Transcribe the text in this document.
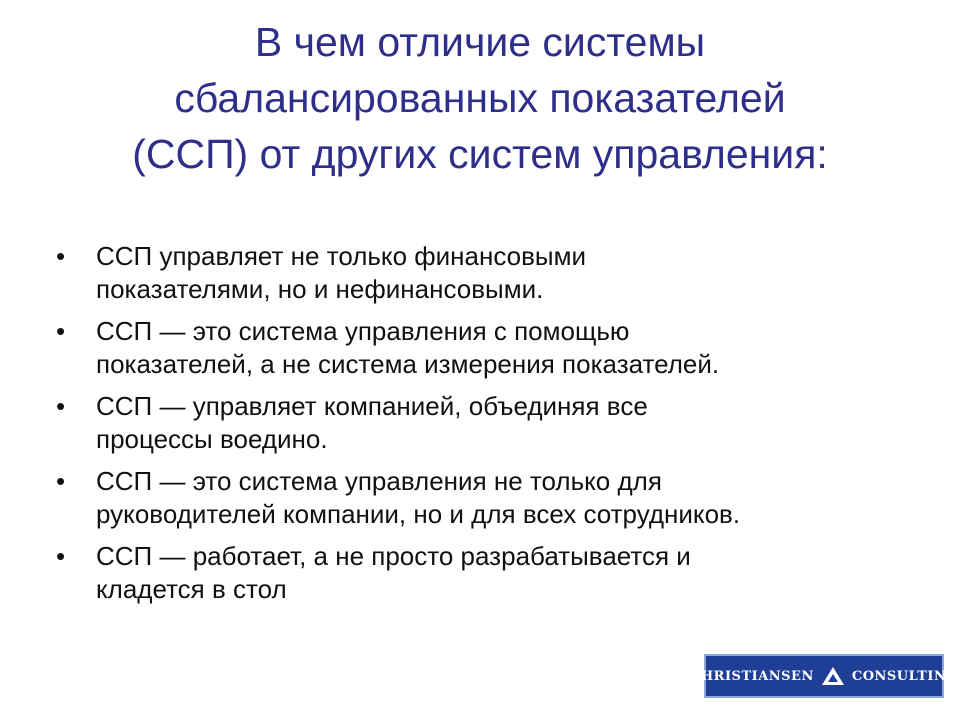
В чем отличие системы
сбалансированных показателей
(ССП) от других систем управления:
• ССП управляет не только финансовыми
показателями, но и нефинансовыми.
• ССП — это система управления с помощью
показателей, а не система измерения показателей.
• ССП — управляет компанией, объединяя все
процессы воедино.
• ССП — это система управления не только для
руководителей компании, но и для всех сотрудников.
• ССП — работает, а не просто разрабатывается и
кладется в стол
CHRISTIANSEN	CONSULTING
